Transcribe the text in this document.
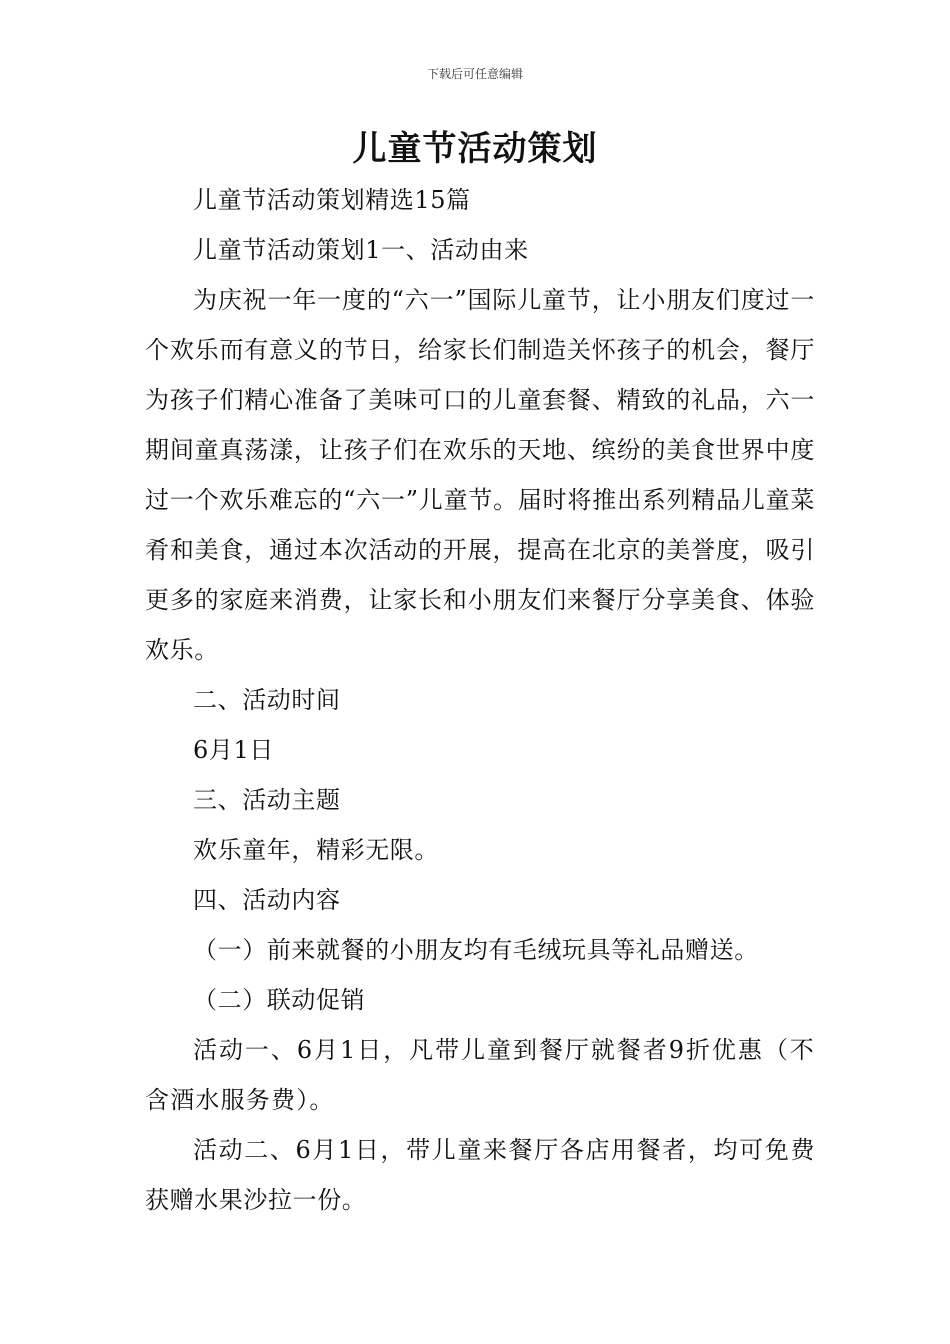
下载后可任意编辑
儿童节活动策划

儿童节活动策划精选15篇

儿童节活动策划1一、活动由来

为庆祝一年一度的“六一”国际儿童节，让小朋友们度过一个欢乐而有意义的节日，给家长们制造关怀孩子的机会，餐厅为孩子们精心准备了美味可口的儿童套餐、精致的礼品，六一期间童真荡漾，让孩子们在欢乐的天地、缤纷的美食世界中度过一个欢乐难忘的“六一”儿童节。届时将推出系列精品儿童菜肴和美食，通过本次活动的开展，提高在北京的美誉度，吸引更多的家庭来消费，让家长和小朋友们来餐厅分享美食、体验欢乐。

二、活动时间

6月1日

三、活动主题

欢乐童年，精彩无限。

四、活动内容

（一）前来就餐的小朋友均有毛绒玩具等礼品赠送。

（二）联动促销

活动一、6月1日，凡带儿童到餐厅就餐者9折优惠（不含酒水服务费）。

活动二、6月1日，带儿童来餐厅各店用餐者，均可免费获赠水果沙拉一份。
